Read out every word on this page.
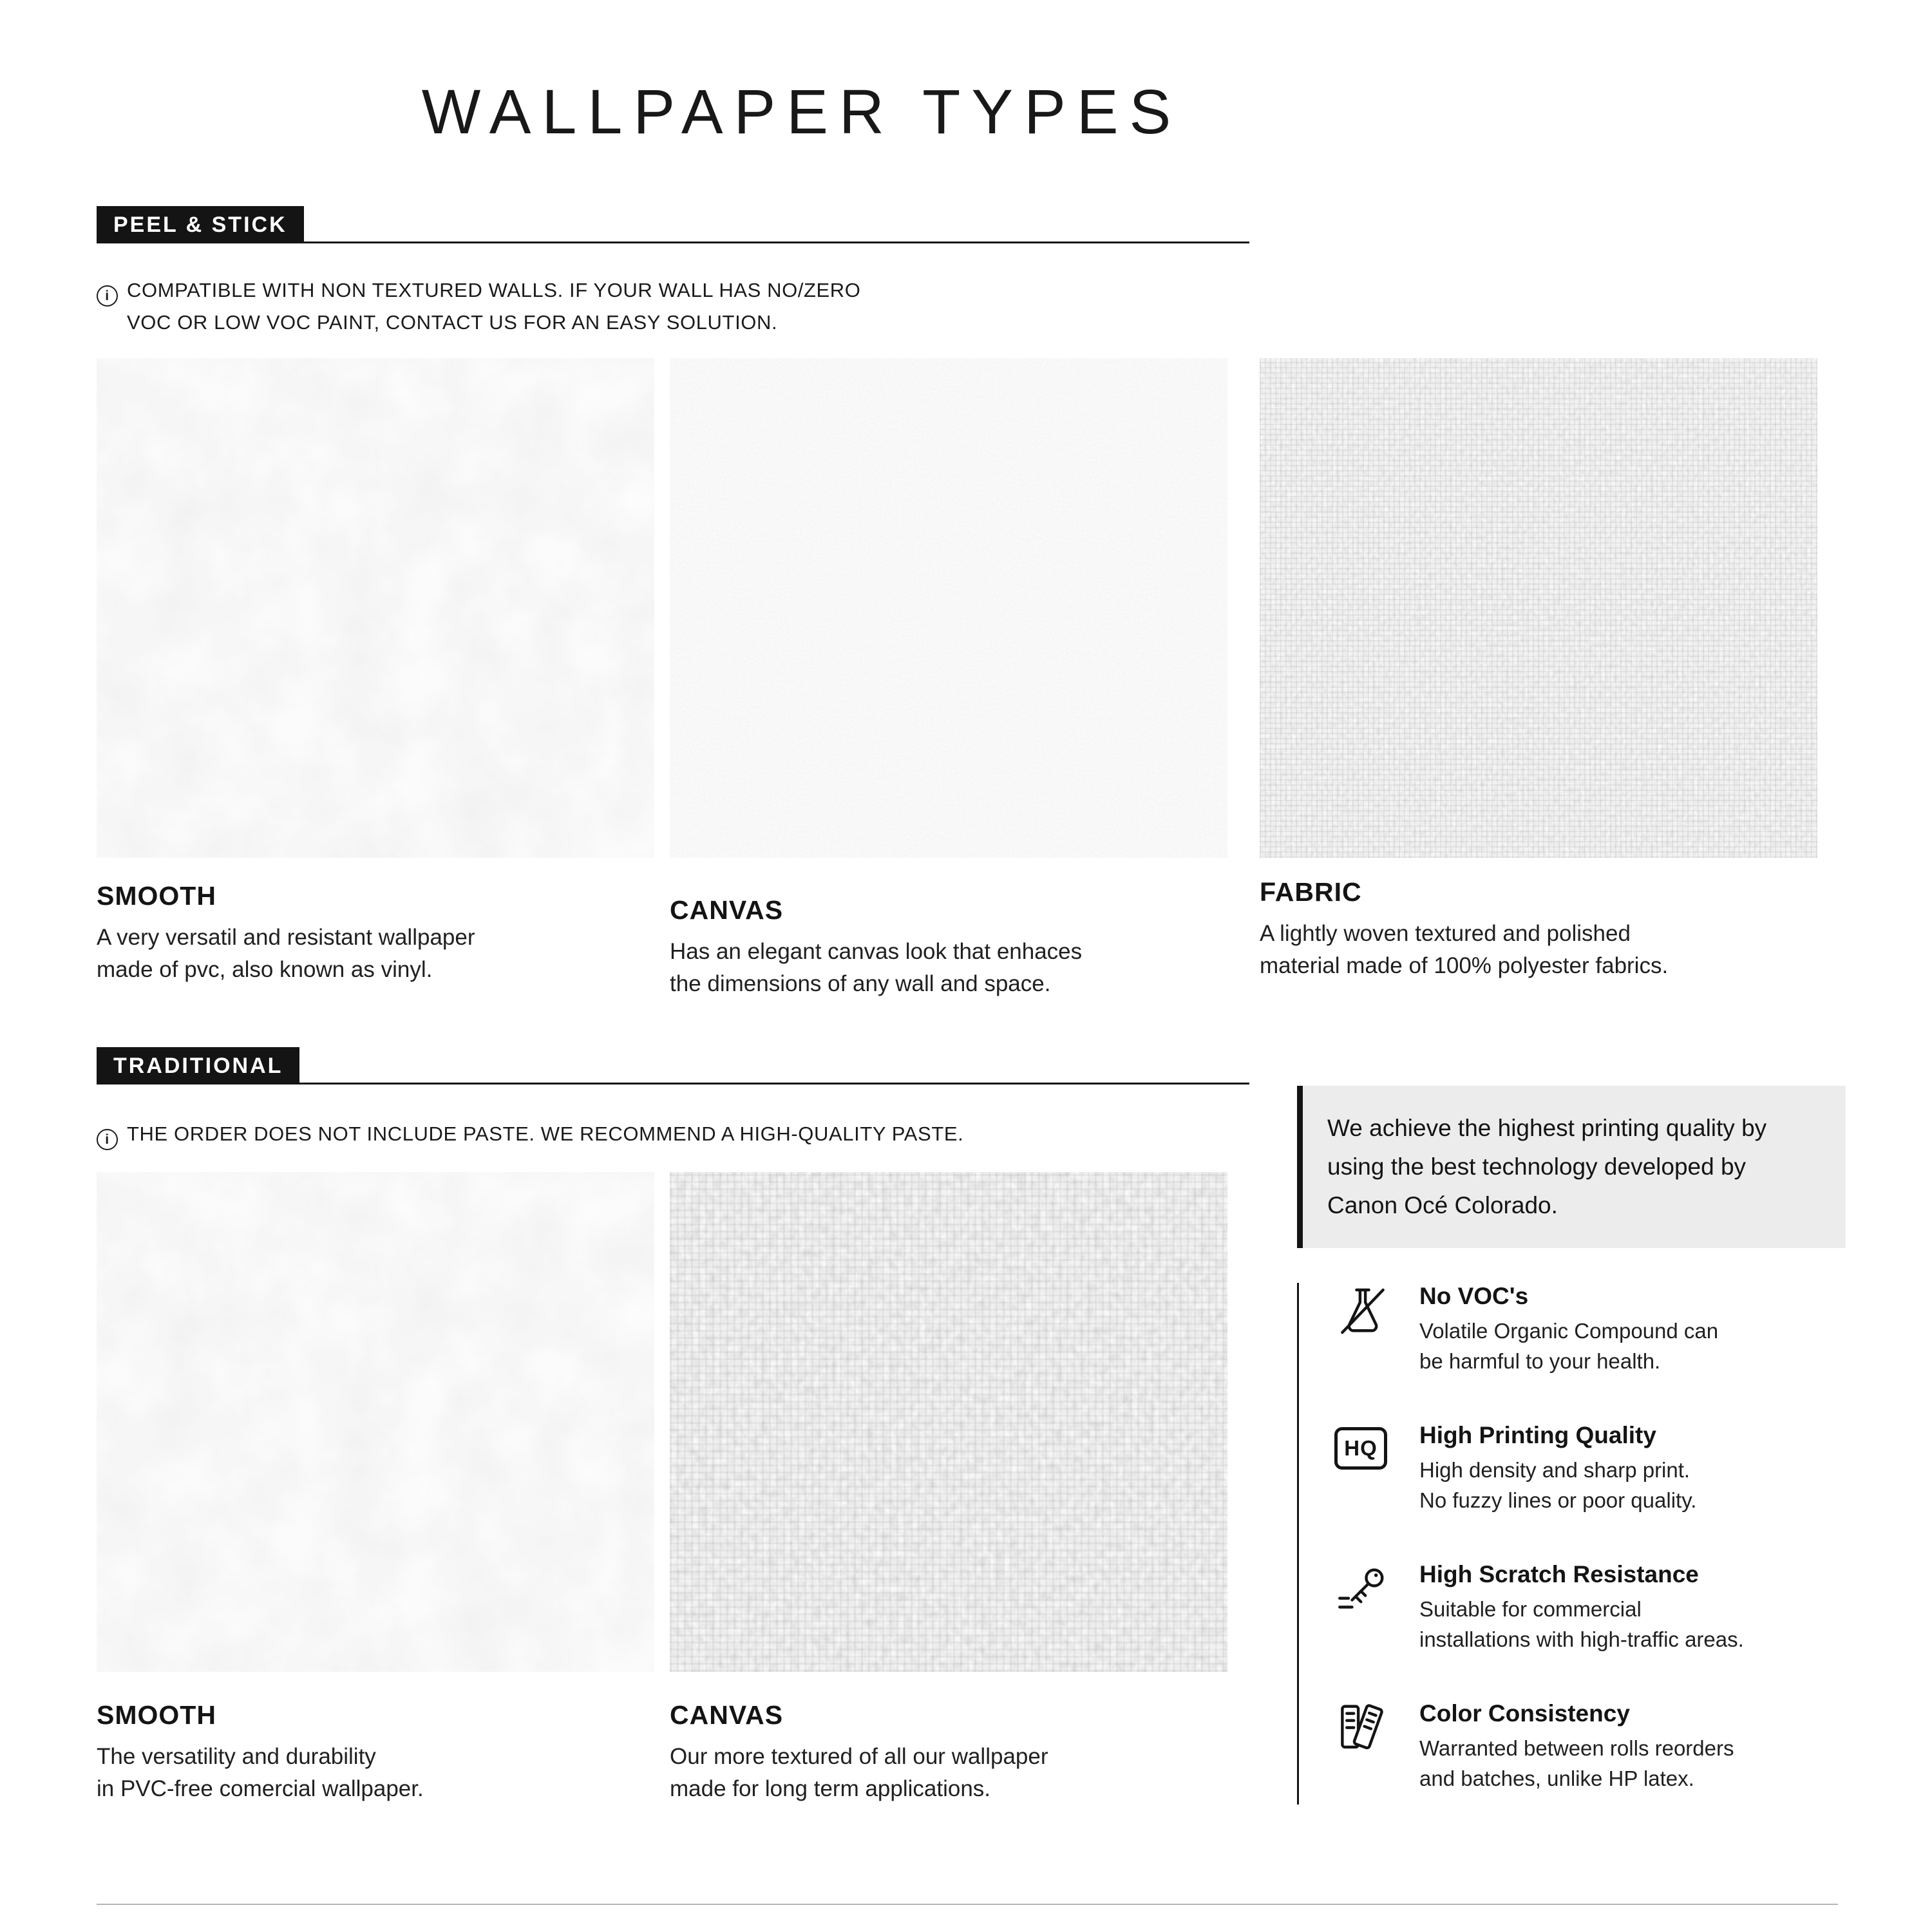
WALLPAPER TYPES
PEEL & STICK
i COMPATIBLE WITH NON TEXTURED WALLS. IF YOUR WALL HAS NO/ZERO
VOC OR LOW VOC PAINT, CONTACT US FOR AN EASY SOLUTION.
SMOOTH
A very versatil and resistant wallpaper
made of pvc, also known as vinyl.
CANVAS
Has an elegant canvas look that enhaces
the dimensions of any wall and space.
FABRIC
A lightly woven textured and polished
material made of 100% polyester fabrics.
TRADITIONAL
i THE ORDER DOES NOT INCLUDE PASTE. WE RECOMMEND A HIGH-QUALITY PASTE.
SMOOTH
The versatility and durability
in PVC-free comercial wallpaper.
CANVAS
Our more textured of all our wallpaper
made for long term applications.
We achieve the highest printing quality by using the best technology developed by Canon Océ Colorado.
No VOC's
Volatile Organic Compound can
be harmful to your health.
HQ	High Printing Quality
High density and sharp print.
No fuzzy lines or poor quality.
High Scratch Resistance
Suitable for commercial
installations with high-traffic areas.
Color Consistency
Warranted between rolls reorders
and batches, unlike HP latex.
